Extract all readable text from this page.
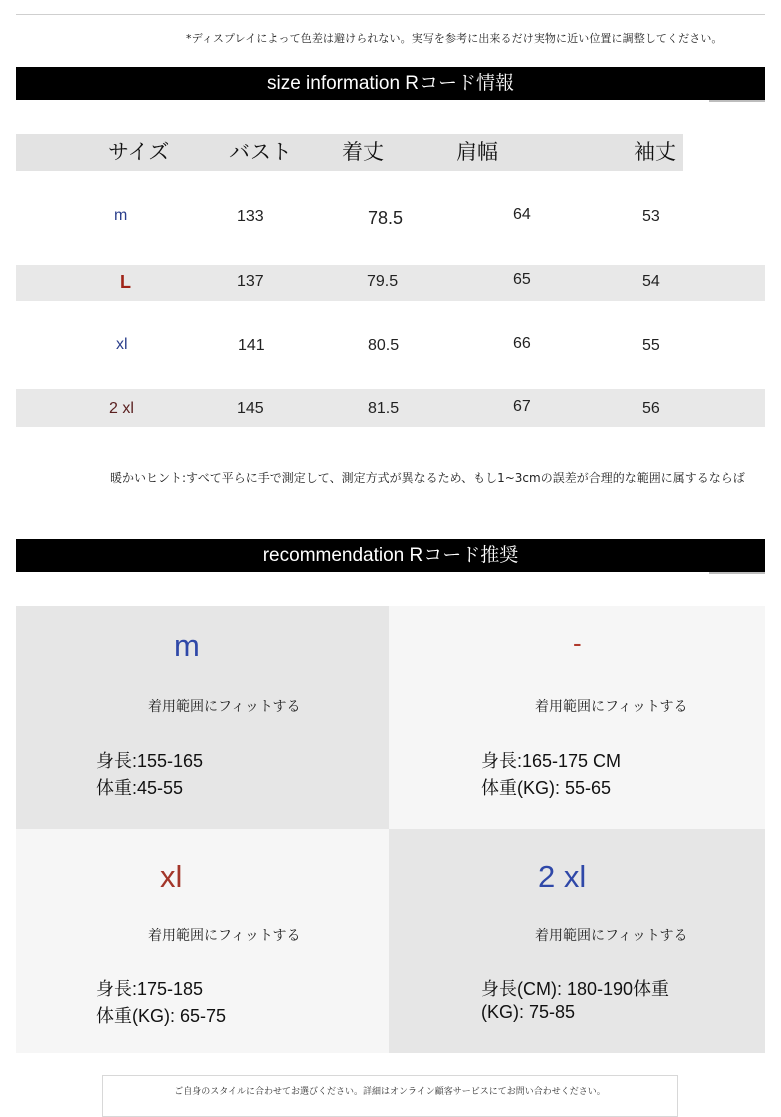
*ディスプレイによって色差は避けられない。実写を参考に出来るだけ実物に近い位置に調整してください。
size information Rコード情報
サイズ	バスト 着丈	肩幅	袖丈
m	133	78.5	64	53
L	137	79.5	65	54
xl	141	80.5	66	55
2 xl	145	81.5	67	56
暖かいヒント:すべて平らに手で測定して、測定方式が異なるため、もし1~3cmの誤差が合理的な範囲に属するならば
recommendation Rコード推奨
m
着用範囲にフィットする
身長:155-165
体重:45-55
-
着用範囲にフィットする
身長:165-175 CM
体重(KG): 55-65
xl
着用範囲にフィットする
身長:175-185
体重(KG): 65-75
2 xl
着用範囲にフィットする
身長(CM): 180-190体重
(KG): 75-85
ご自身のスタイルに合わせてお選びください。詳細はオンライン顧客サービスにてお問い合わせください。
